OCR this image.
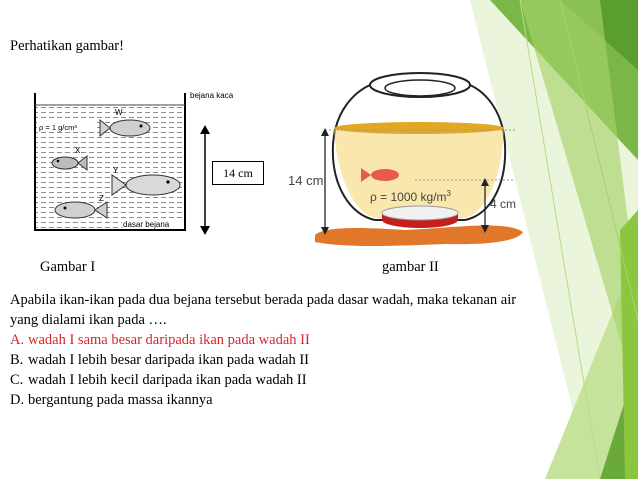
Perhatikan gambar!
ρ = 1 g/cm³
W
X
Y
Z
dasar bejana
bejana kaca
14 cm
Gambar I
14 cm
4 cm
ρ = 1000 $kg/m^3$
gambar II
Apabila ikan-ikan pada dua bejana tersebut berada pada dasar wadah, maka tekanan air
yang dialami ikan pada ….
A. wadah I sama besar daripada ikan pada wadah II
B. wadah I lebih besar daripada ikan pada wadah II
C. wadah I lebih kecil daripada ikan pada wadah II
D. bergantung pada massa ikannya
